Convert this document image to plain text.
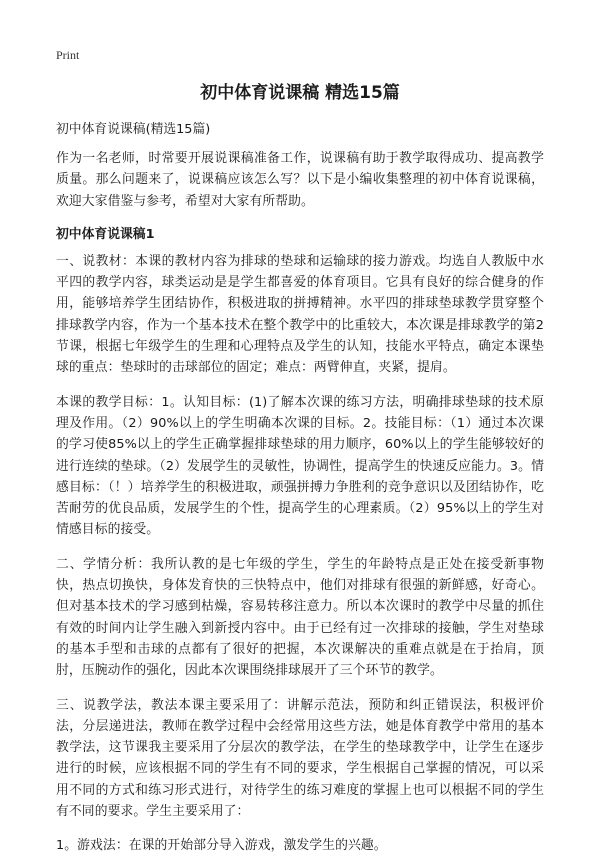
Print
初中体育说课稿 精选15篇

初中体育说课稿(精选15篇)

作为一名老师，时常要开展说课稿准备工作，说课稿有助于教学取得成功、提高教学质量。那么问题来了，说课稿应该怎么写？以下是小编收集整理的初中体育说课稿，欢迎大家借鉴与参考，希望对大家有所帮助。

初中体育说课稿1

一、说教材：本课的教材内容为排球的垫球和运输球的接力游戏。均选自人教版中水平四的教学内容，球类运动是是学生都喜爱的体育项目。它具有良好的综合健身的作用，能够培养学生团结协作，积极进取的拼搏精神。水平四的排球垫球教学贯穿整个排球教学内容，作为一个基本技术在整个教学中的比重较大，本次课是排球教学的第2节课，根据七年级学生的生理和心理特点及学生的认知，技能水平特点，确定本课垫球的重点：垫球时的击球部位的固定；难点：两臂伸直，夹紧，提肩。

本课的教学目标：1。认知目标：(1)了解本次课的练习方法，明确排球垫球的技术原理及作用。（2）90%以上的学生明确本次课的目标。2。技能目标：（1）通过本次课的学习使85%以上的学生正确掌握排球垫球的用力顺序，60%以上的学生能够较好的进行连续的垫球。（2）发展学生的灵敏性，协调性，提高学生的快速反应能力。3。情感目标：（！）培养学生的积极进取，顽强拼搏力争胜利的竞争意识以及团结协作，吃苦耐劳的优良品质，发展学生的个性，提高学生的心理素质。（2）95%以上的学生对情感目标的接受。

二、学情分析：我所认教的是七年级的学生，学生的年龄特点是正处在接受新事物快，热点切换快，身体发育快的三快特点中，他们对排球有很强的新鲜感，好奇心。但对基本技术的学习感到枯燥，容易转移注意力。所以本次课时的教学中尽量的抓住有效的时间内让学生融入到新授内容中。由于已经有过一次排球的接触，学生对垫球的基本手型和击球的点都有了很好的把握，本次课解决的重难点就是在于抬肩，顶肘，压腕动作的强化，因此本次课围绕排球展开了三个环节的教学。

三、说教学法，教法本课主要采用了：讲解示范法，预防和纠正错误法，积极评价法，分层递进法，教师在教学过程中会经常用这些方法，她是体育教学中常用的基本教学法，这节课我主要采用了分层次的教学法，在学生的垫球教学中，让学生在逐步进行的时候，应该根据不同的学生有不同的要求，学生根据自己掌握的情况，可以采用不同的方式和练习形式进行，对待学生的练习难度的掌握上也可以根据不同的学生有不同的要求。学生主要采用了：

1。游戏法：在课的开始部分导入游戏，激发学生的兴趣。
